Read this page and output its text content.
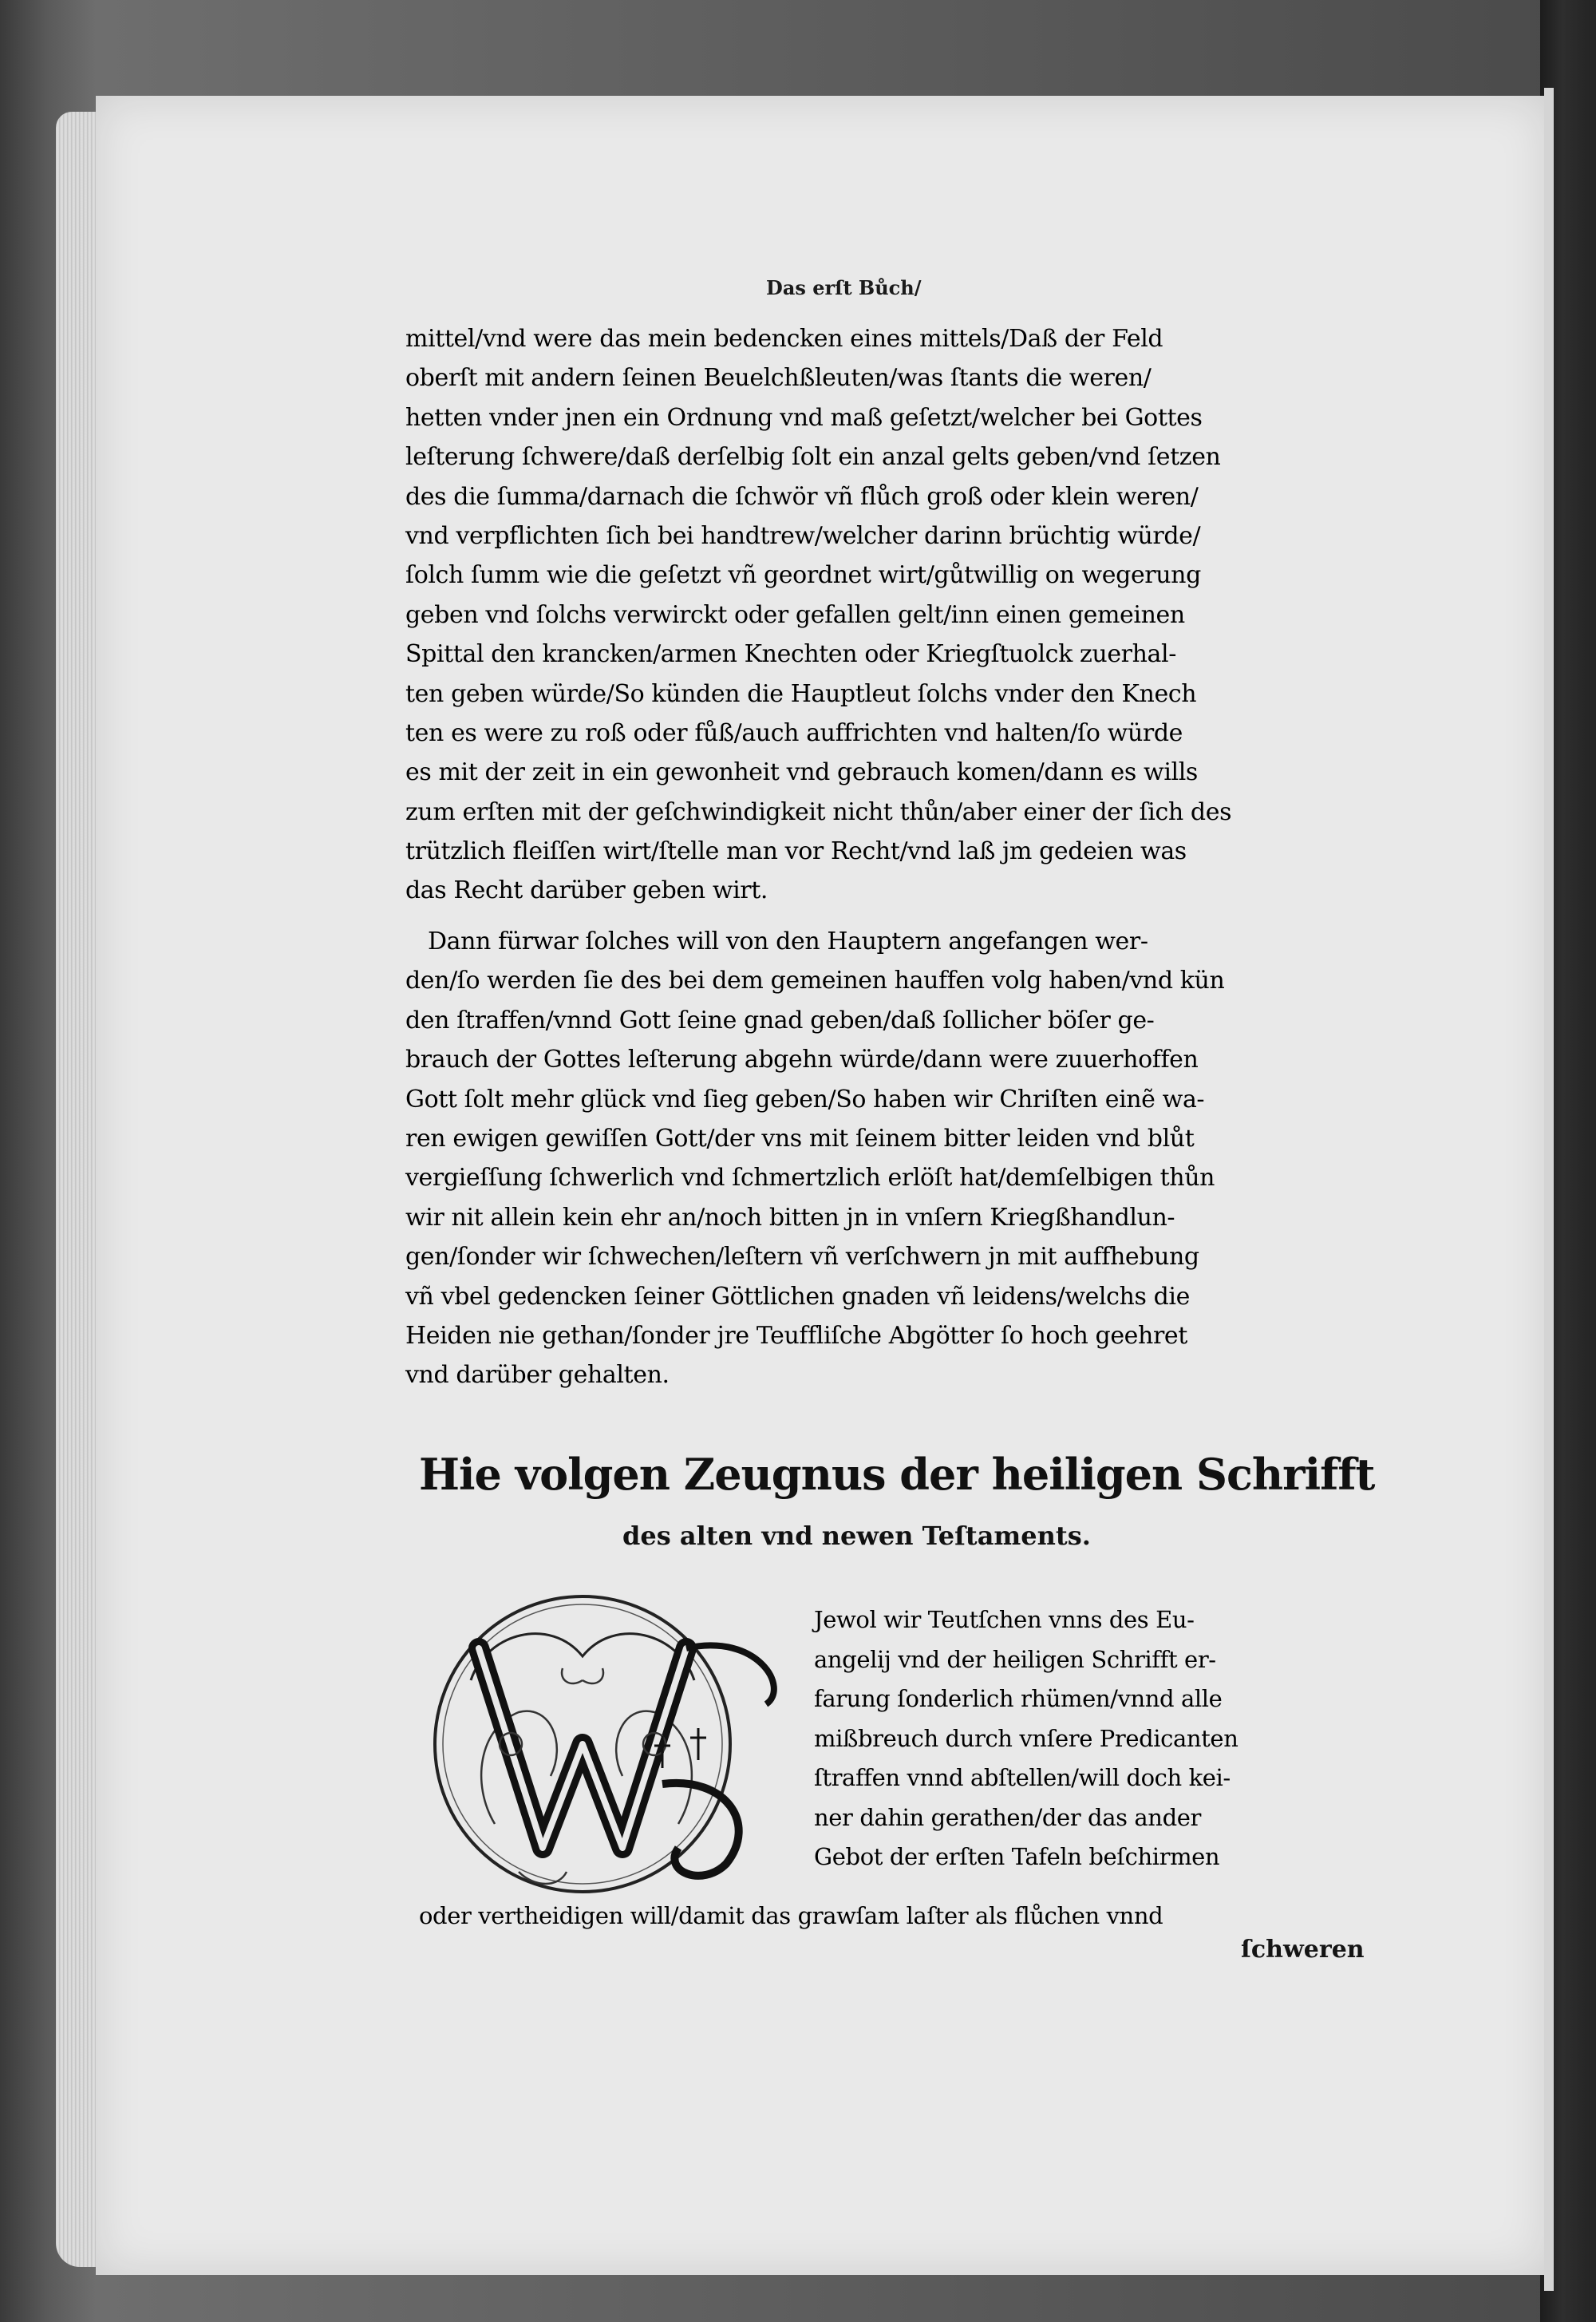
Das erſt Bůch/
mittel/vnd were das mein bedencken eines mittels/Daß der Feld
oberſt mit andern ſeinen Beuelchßleuten/was ſtants die weren/
hetten vnder jnen ein Ordnung vnd maß geſetzt/welcher bei Gottes
leſterung ſchwere/daß derſelbig ſolt ein anzal gelts geben/vnd ſetzen
des die ſumma/darnach die ſchwör vñ flůch groß oder klein weren/
vnd verpflichten ſich bei handtrew/welcher darinn brüchtig würde/
ſolch ſumm wie die geſetzt vñ geordnet wirt/gůtwillig on wegerung
geben vnd ſolchs verwirckt oder gefallen gelt/inn einen gemeinen
Spittal den krancken/armen Knechten oder Kriegſtuolck zuerhal-
ten geben würde/So künden die Hauptleut ſolchs vnder den Knech
ten es were zu roß oder fůß/auch auffrichten vnd halten/ſo würde
es mit der zeit in ein gewonheit vnd gebrauch komen/dann es wills
zum erſten mit der geſchwindigkeit nicht thůn/aber einer der ſich des
trützlich fleiſſen wirt/ſtelle man vor Recht/vnd laß jm gedeien was
das Recht darüber geben wirt.
Dann fürwar ſolches will von den Hauptern angefangen wer-
den/ſo werden ſie des bei dem gemeinen hauffen volg haben/vnd kün
den ſtraffen/vnnd Gott ſeine gnad geben/daß ſollicher böſer ge-
brauch der Gottes leſterung abgehn würde/dann were zuuerhoffen
Gott ſolt mehr glück vnd ſieg geben/So haben wir Chriſten einẽ wa-
ren ewigen gewiſſen Gott/der vns mit ſeinem bitter leiden vnd blůt
vergieſſung ſchwerlich vnd ſchmertzlich erlöſt hat/demſelbigen thůn
wir nit allein kein ehr an/noch bitten jn in vnſern Kriegßhandlun-
gen/ſonder wir ſchwechen/leſtern vñ verſchwern jn mit auffhebung
vñ vbel gedencken ſeiner Göttlichen gnaden vñ leidens/welchs die
Heiden nie gethan/ſonder jre Teuffliſche Abgötter ſo hoch geehret
vnd darüber gehalten.
Hie volgen Zeugnus der heiligen Schrifft
des alten vnd newen Teſtaments.
Jewol wir Teutſchen vnns des Eu-
angelij vnd der heiligen Schrifft er-
farung ſonderlich rhümen/vnnd alle
mißbreuch durch vnſere Predicanten
ſtraffen vnnd abſtellen/will doch kei-
ner dahin gerathen/der das ander
Gebot der erſten Tafeln beſchirmen
oder vertheidigen will/damit das grawſam laſter als flůchen vnnd
ſchweren
